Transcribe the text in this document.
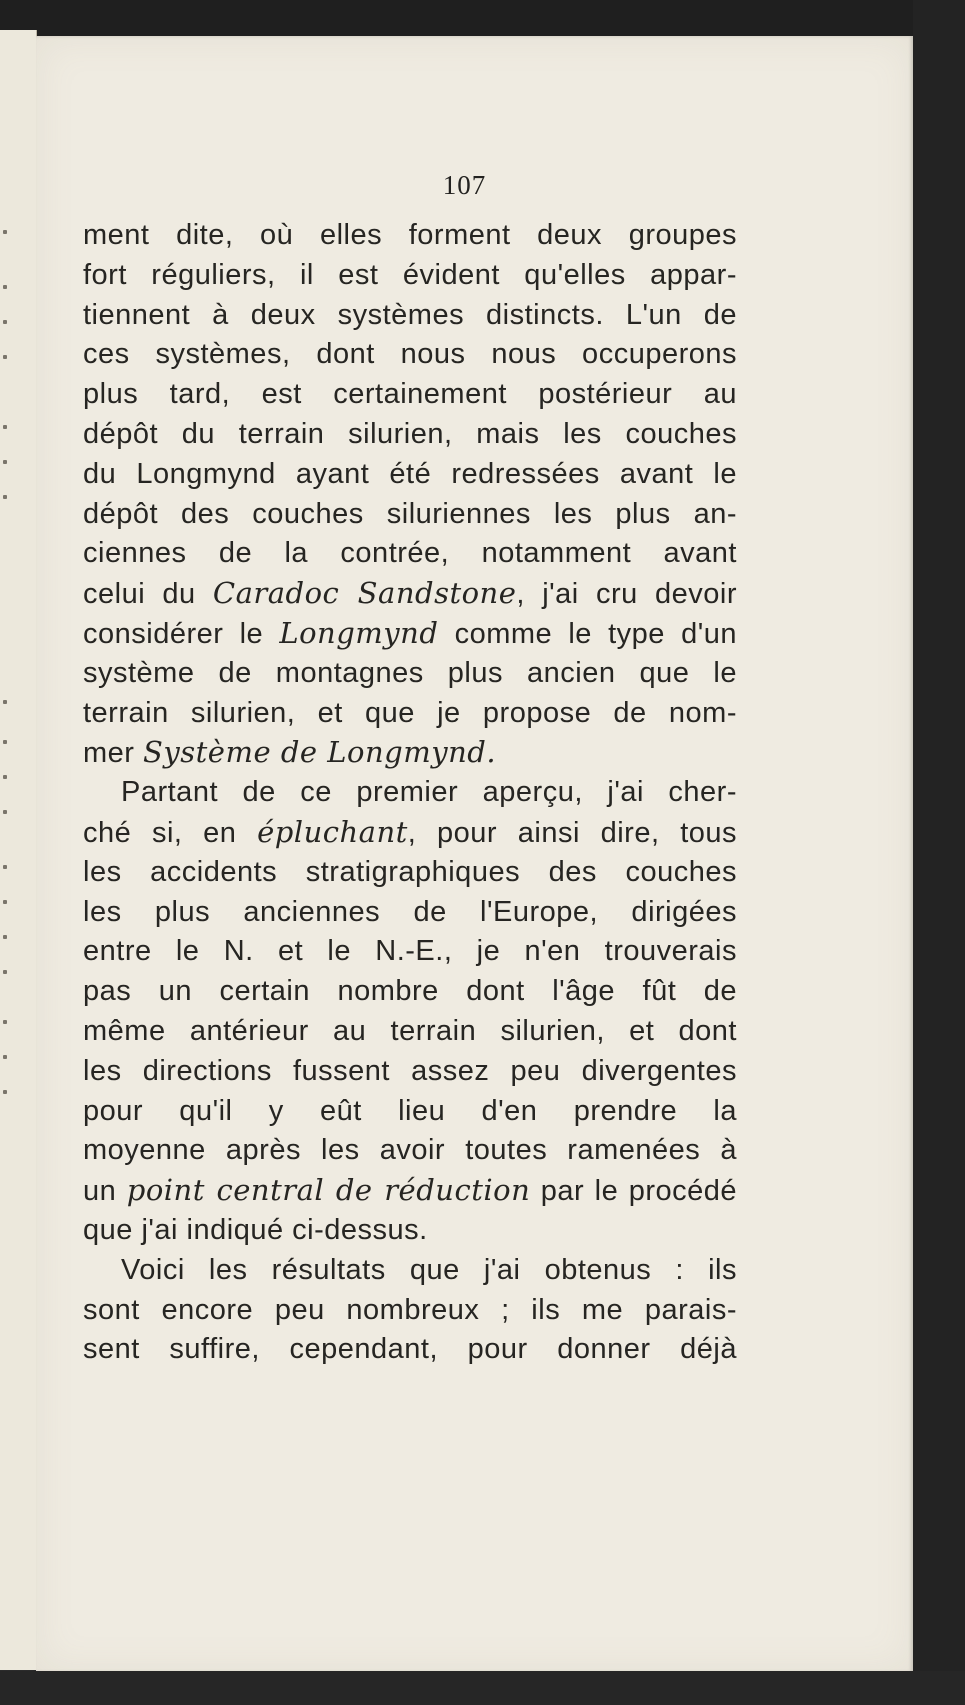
107
ment dite, où elles forment deux groupes
fort réguliers, il est évident qu'elles appar-
tiennent à deux systèmes distincts. L'un de
ces systèmes, dont nous nous occuperons
plus tard, est certainement postérieur au
dépôt du terrain silurien, mais les couches
du Longmynd ayant été redressées avant le
dépôt des couches siluriennes les plus an-
ciennes de la contrée, notamment avant
celui du Caradoc Sandstone, j'ai cru devoir
considérer le Longmynd comme le type d'un
système de montagnes plus ancien que le
terrain silurien, et que je propose de nom-
mer Système de Longmynd.
Partant de ce premier aperçu, j'ai cher-
ché si, en épluchant, pour ainsi dire, tous
les accidents stratigraphiques des couches
les plus anciennes de l'Europe, dirigées
entre le N. et le N.-E., je n'en trouverais
pas un certain nombre dont l'âge fût de
même antérieur au terrain silurien, et dont
les directions fussent assez peu divergentes
pour qu'il y eût lieu d'en prendre la
moyenne après les avoir toutes ramenées à
un point central de réduction par le procédé
que j'ai indiqué ci-dessus.
Voici les résultats que j'ai obtenus : ils
sont encore peu nombreux ; ils me parais-
sent suffire, cependant, pour donner déjà
